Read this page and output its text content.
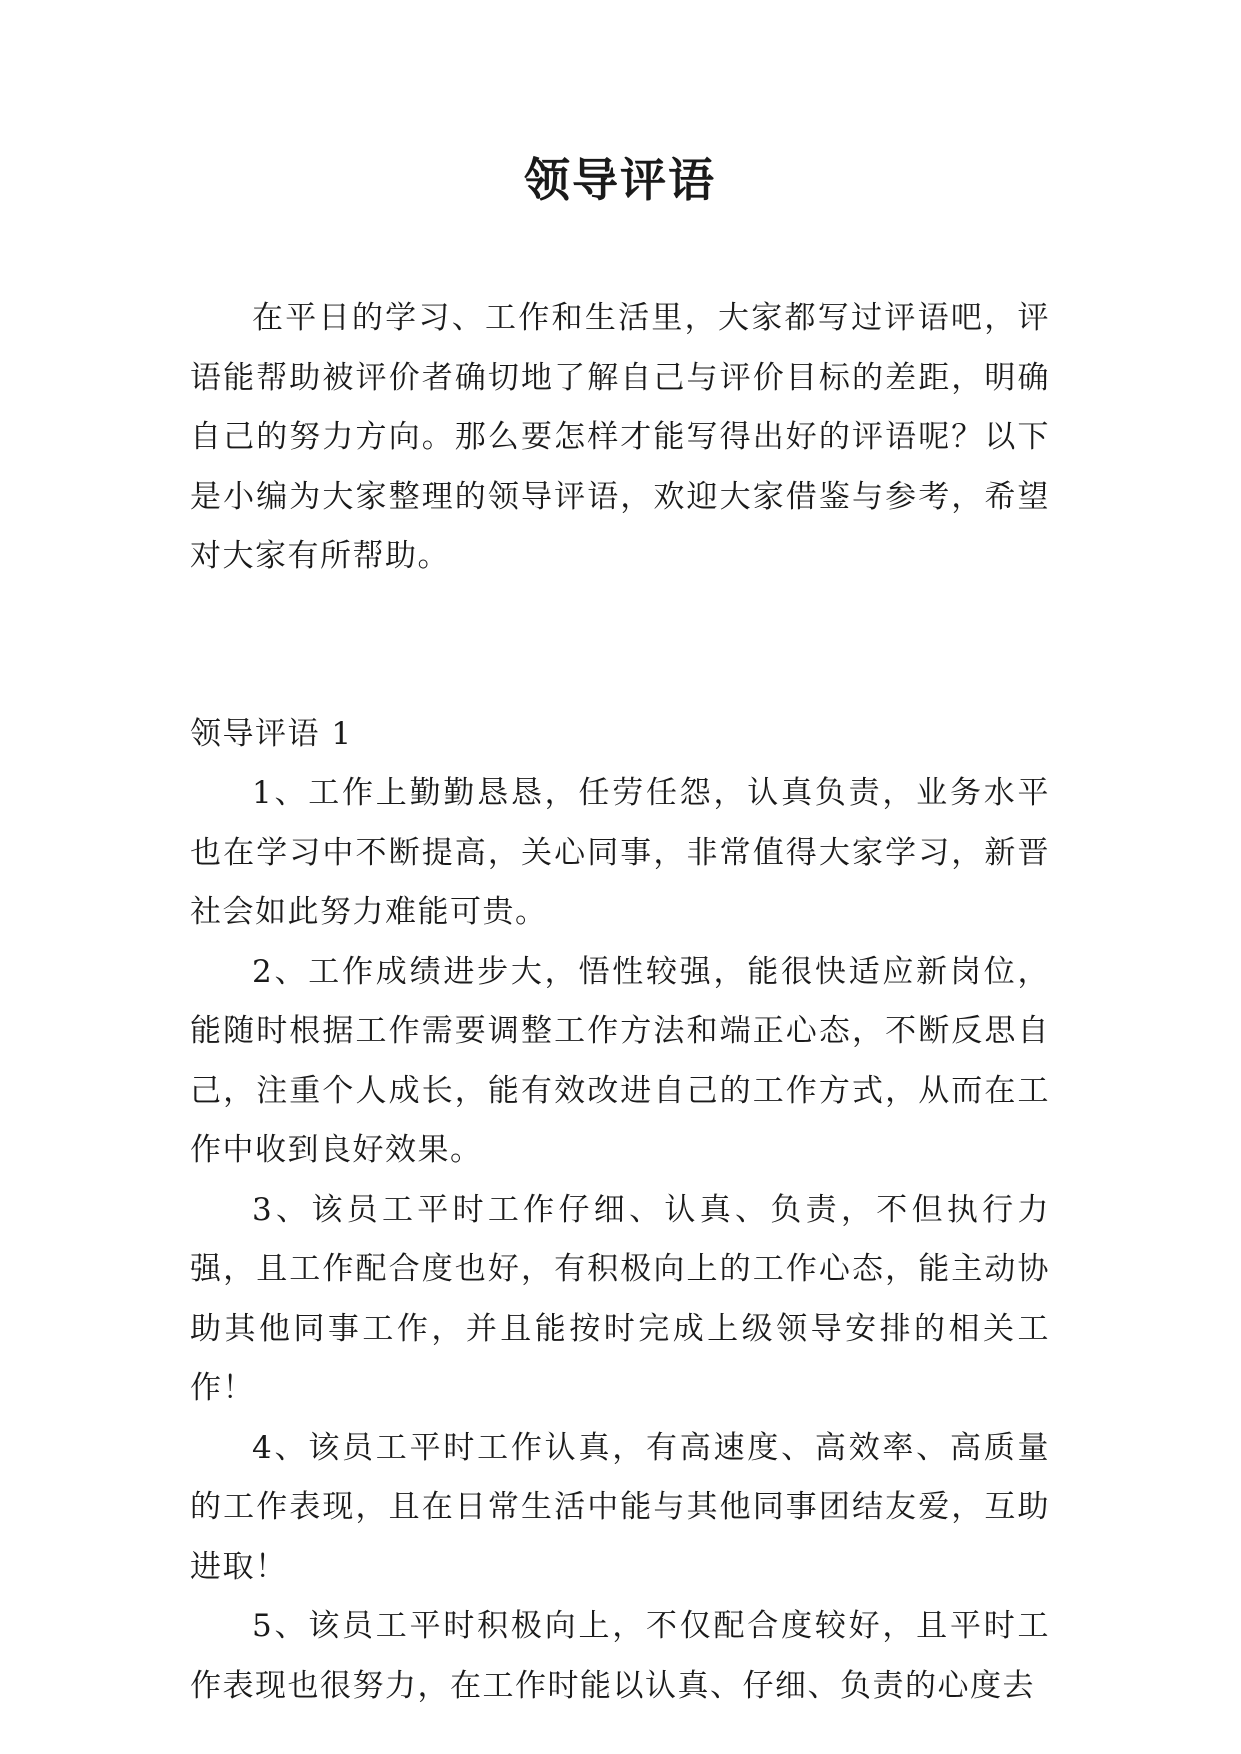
领导评语

在平日的学习、工作和生活里，大家都写过评语吧，评语能帮助被评价者确切地了解自己与评价目标的差距，明确自己的努力方向。那么要怎样才能写得出好的评语呢？以下是小编为大家整理的领导评语，欢迎大家借鉴与参考，希望对大家有所帮助。

领导评语 1

1、工作上勤勤恳恳，任劳任怨，认真负责，业务水平也在学习中不断提高，关心同事，非常值得大家学习，新晋社会如此努力难能可贵。

2、工作成绩进步大，悟性较强，能很快适应新岗位，能随时根据工作需要调整工作方法和端正心态，不断反思自己，注重个人成长，能有效改进自己的工作方式，从而在工作中收到良好效果。

3、该员工平时工作仔细、认真、负责，不但执行力强，且工作配合度也好，有积极向上的工作心态，能主动协助其他同事工作，并且能按时完成上级领导安排的相关工作！

4、该员工平时工作认真，有高速度、高效率、高质量的工作表现，且在日常生活中能与其他同事团结友爱，互助进取！

5、该员工平时积极向上，不仅配合度较好，且平时工作表现也很努力，在工作时能以认真、仔细、负责的心度去
